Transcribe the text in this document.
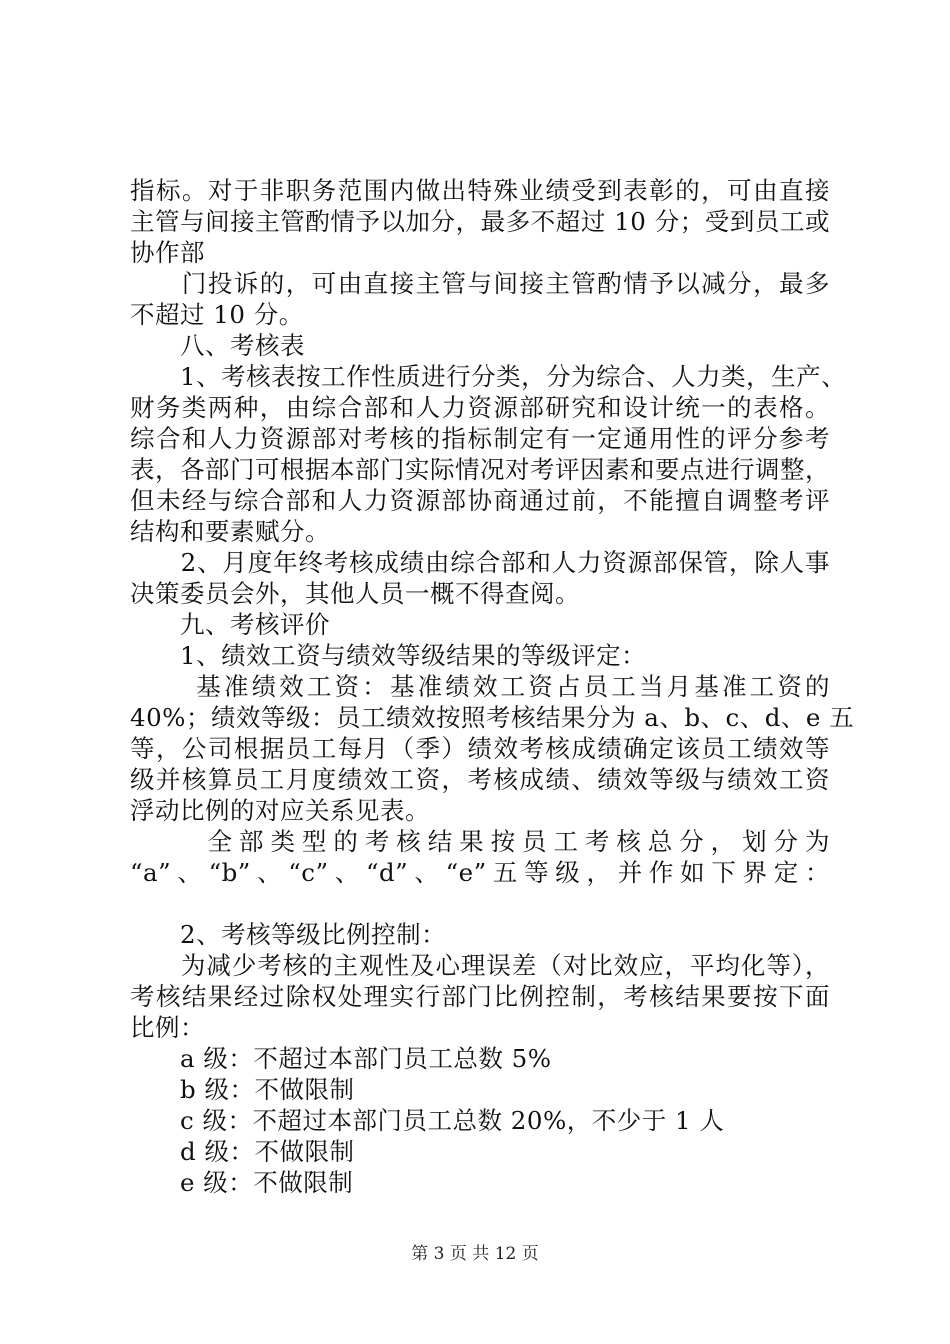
指标。对于非职务范围内做出特殊业绩受到表彰的，可由直接
主管与间接主管酌情予以加分，最多不超过 10 分；受到员工或
协作部
　　门投诉的，可由直接主管与间接主管酌情予以减分，最多
不超过 10 分。
　　八、考核表
　　1、考核表按工作性质进行分类，分为综合、人力类，生产、
财务类两种，由综合部和人力资源部研究和设计统一的表格。
综合和人力资源部对考核的指标制定有一定通用性的评分参考
表，各部门可根据本部门实际情况对考评因素和要点进行调整，
但未经与综合部和人力资源部协商通过前，不能擅自调整考评
结构和要素赋分。
　　2、月度年终考核成绩由综合部和人力资源部保管，除人事
决策委员会外，其他人员一概不得查阅。
　　九、考核评价
　　1、绩效工资与绩效等级结果的等级评定：
　　 基准绩效工资：基准绩效工资占员工当月基准工资的
40%；绩效等级：员工绩效按照考核结果分为 a、b、c、d、e 五
等，公司根据员工每月（季）绩效考核成绩确定该员工绩效等
级并核算员工月度绩效工资，考核成绩、绩效等级与绩效工资
浮动比例的对应关系见表。
　　 全部类型的考核结果按员工考核总分，划分为
“a”、“b”、“c”、“d”、“e”五等级，并作如下界定：
　　2、考核等级比例控制：
　　为减少考核的主观性及心理误差（对比效应，平均化等），
考核结果经过除权处理实行部门比例控制，考核结果要按下面
比例：
　　a 级：不超过本部门员工总数 5%
　　b 级：不做限制
　　c 级：不超过本部门员工总数 20%，不少于 1 人
　　d 级：不做限制
　　e 级：不做限制
第 3 页 共 12 页
